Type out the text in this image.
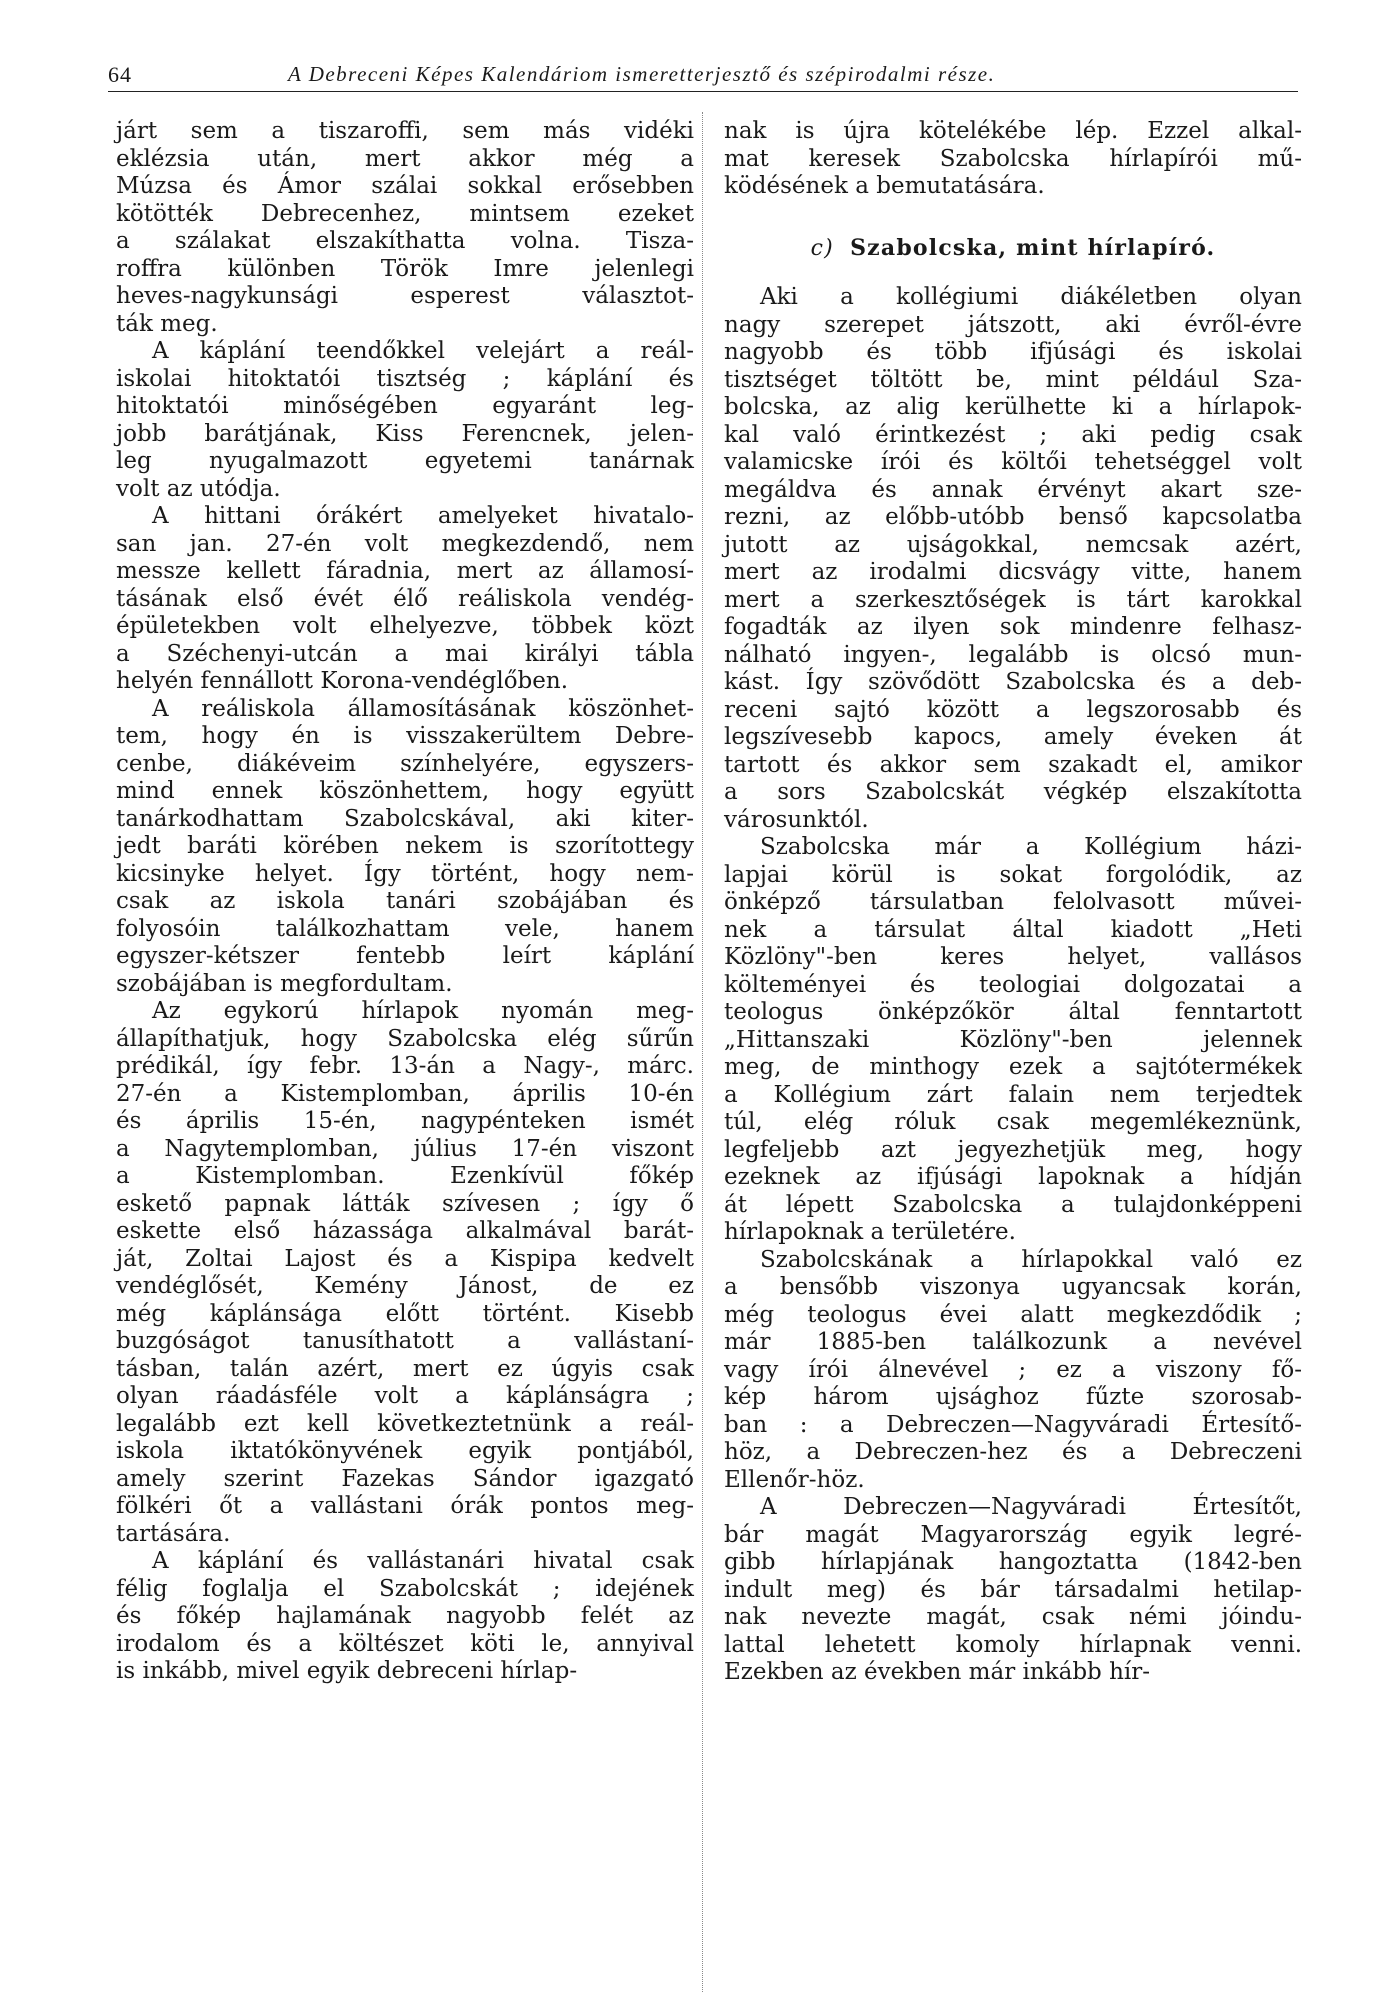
64	A Debreceni Képes Kalendáriom ismeretterjesztő és szépirodalmi része.
járt sem a tiszaroffi, sem más vidéki
eklézsia után, mert akkor még a
Múzsa és Ámor szálai sokkal erősebben
kötötték Debrecenhez, mintsem ezeket
a szálakat elszakíthatta volna. Tisza-
roffra különben Török Imre jelenlegi
heves-nagykunsági esperest választot-
ták meg.
A káplání teendőkkel velejárt a reál-
iskolai hitoktatói tisztség ; káplání és
hitoktatói minőségében egyaránt leg-
jobb barátjának, Kiss Ferencnek, jelen-
leg nyugalmazott egyetemi tanárnak
volt az utódja.
A hittani órákért amelyeket hivatalo-
san jan. 27-én volt megkezdendő, nem
messze kellett fáradnia, mert az államosí-
tásának első évét élő reáliskola vendég-
épületekben volt elhelyezve, többek közt
a Széchenyi-utcán a mai királyi tábla
helyén fennállott Korona-vendéglőben.
A reáliskola államosításának köszönhet-
tem, hogy én is visszakerültem Debre-
cenbe, diákéveim színhelyére, egyszers-
mind ennek köszönhettem, hogy együtt
tanárkodhattam Szabolcskával, aki kiter-
jedt baráti körében nekem is szorítottegy
kicsinyke helyet. Így történt, hogy nem-
csak az iskola tanári szobájában és
folyosóin találkozhattam vele, hanem
egyszer-kétszer fentebb leírt káplání
szobájában is megfordultam.
Az egykorú hírlapok nyomán meg-
állapíthatjuk, hogy Szabolcska elég sűrűn
prédikál, így febr. 13-án a Nagy-, márc.
27-én a Kistemplomban, április 10-én
és április 15-én, nagypénteken ismét
a Nagytemplomban, július 17-én viszont
a Kistemplomban. Ezenkívül főkép
eskető papnak látták szívesen ; így ő
eskette első házassága alkalmával barát-
ját, Zoltai Lajost és a Kispipa kedvelt
vendéglősét, Kemény Jánost, de ez
még káplánsága előtt történt. Kisebb
buzgóságot tanusíthatott a vallástaní-
tásban, talán azért, mert ez úgyis csak
olyan ráadásféle volt a káplánságra ;
legalább ezt kell következtetnünk a reál-
iskola iktatókönyvének egyik pontjából,
amely szerint Fazekas Sándor igazgató
fölkéri őt a vallástani órák pontos meg-
tartására.
A káplání és vallástanári hivatal csak
félig foglalja el Szabolcskát ; idejének
és főkép hajlamának nagyobb felét az
irodalom és a költészet köti le, annyival
is inkább, mivel egyik debreceni hírlap-
nak is újra kötelékébe lép. Ezzel alkal-
mat keresek Szabolcska hírlapírói mű-
ködésének a bemutatására.
c) Szabolcska, mint hírlapíró.
Aki a kollégiumi diákéletben olyan
nagy szerepet játszott, aki évről-évre
nagyobb és több ifjúsági és iskolai
tisztséget töltött be, mint például Sza-
bolcska, az alig kerülhette ki a hírlapok-
kal való érintkezést ; aki pedig csak
valamicske írói és költői tehetséggel volt
megáldva és annak érvényt akart sze-
rezni, az előbb-utóbb benső kapcsolatba
jutott az ujságokkal, nemcsak azért,
mert az irodalmi dicsvágy vitte, hanem
mert a szerkesztőségek is tárt karokkal
fogadták az ilyen sok mindenre felhasz-
nálható ingyen-, legalább is olcsó mun-
kást. Így szövődött Szabolcska és a deb-
receni sajtó között a legszorosabb és
legszívesebb kapocs, amely éveken át
tartott és akkor sem szakadt el, amikor
a sors Szabolcskát végkép elszakította
városunktól.
Szabolcska már a Kollégium házi-
lapjai körül is sokat forgolódik, az
önképző társulatban felolvasott művei-
nek a társulat által kiadott „Heti
Közlöny"-ben keres helyet, vallásos
költeményei és teologiai dolgozatai a
teologus önképzőkör által fenntartott
„Hittanszaki Közlöny"-ben jelennek
meg, de minthogy ezek a sajtótermékek
a Kollégium zárt falain nem terjedtek
túl, elég róluk csak megemlékeznünk,
legfeljebb azt jegyezhetjük meg, hogy
ezeknek az ifjúsági lapoknak a hídján
át lépett Szabolcska a tulajdonképpeni
hírlapoknak a területére.
Szabolcskának a hírlapokkal való ez
a bensőbb viszonya ugyancsak korán,
még teologus évei alatt megkezdődik ;
már 1885-ben találkozunk a nevével
vagy írói álnevével ; ez a viszony fő-
kép három ujsághoz fűzte szorosab-
ban : a Debreczen—Nagyváradi Értesítő-
höz, a Debreczen-hez és a Debreczeni
Ellenőr-höz.
A Debreczen—Nagyváradi Értesítőt,
bár magát Magyarország egyik legré-
gibb hírlapjának hangoztatta (1842-ben
indult meg) és bár társadalmi hetilap-
nak nevezte magát, csak némi jóindu-
lattal lehetett komoly hírlapnak venni.
Ezekben az években már inkább hír-
